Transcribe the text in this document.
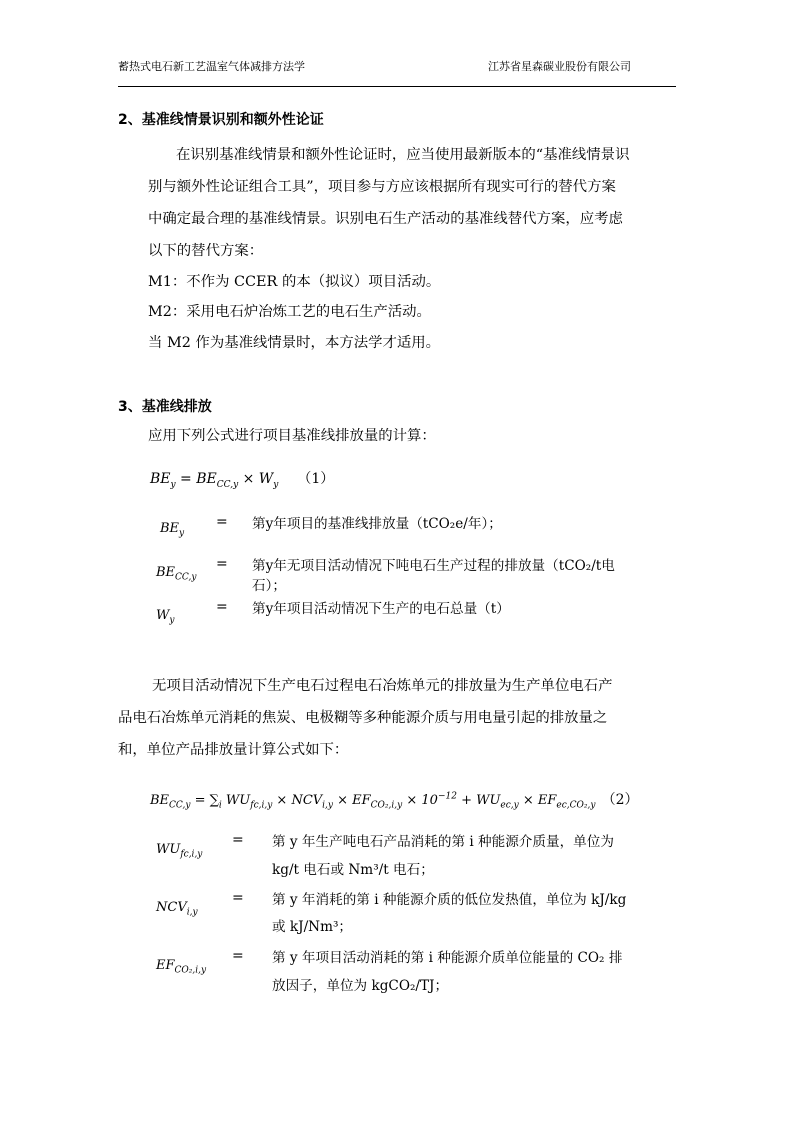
蓄热式电石新工艺温室气体减排方法学	江苏省星森碳业股份有限公司
2、基准线情景识别和额外性论证
在识别基准线情景和额外性论证时，应当使用最新版本的“基准线情景识
别与额外性论证组合工具”，项目参与方应该根据所有现实可行的替代方案
中确定最合理的基准线情景。识别电石生产活动的基准线替代方案，应考虑
以下的替代方案：
M1：不作为 CCER 的本（拟议）项目活动。
M2：采用电石炉冶炼工艺的电石生产活动。
当 M2 作为基准线情景时，本方法学才适用。
3、基准线排放
应用下列公式进行项目基准线排放量的计算：
$BE_y = BE_{CC,y} \times W_y$ （1）
$BE_y$
= 第y年项目的基准线排放量（tCO₂e/年）；
$BE_{CC,y}$
= 第y年无项目活动情况下吨电石生产过程的排放量（tCO₂/t电
石）；
$W_y$
= 第y年项目活动情况下生产的电石总量（t）
无项目活动情况下生产电石过程电石冶炼单元的排放量为生产单位电石产
品电石冶炼单元消耗的焦炭、电极糊等多种能源介质与用电量引起的排放量之
和，单位产品排放量计算公式如下：
$BE_{CC,y} = \sum_i$ $WU_{fc,i,y} \times NCV_{i,y} \times EF_{CO_2,i,y} \times 10^{-12} + WU_{ec,y} \times EF_{ec,CO_2,y}$ （2）
$WU_{fc,i,y}$
= 第 y 年生产吨电石产品消耗的第 i 种能源介质量，单位为
kg/t 电石或 Nm³/t 电石；
$NCV_{i,y}$
= 第 y 年消耗的第 i 种能源介质的低位发热值，单位为 kJ/kg
或 kJ/Nm³；
$EF_{CO_2,i,y}$
= 第 y 年项目活动消耗的第 i 种能源介质单位能量的 CO₂ 排
放因子，单位为 kgCO₂/TJ；
